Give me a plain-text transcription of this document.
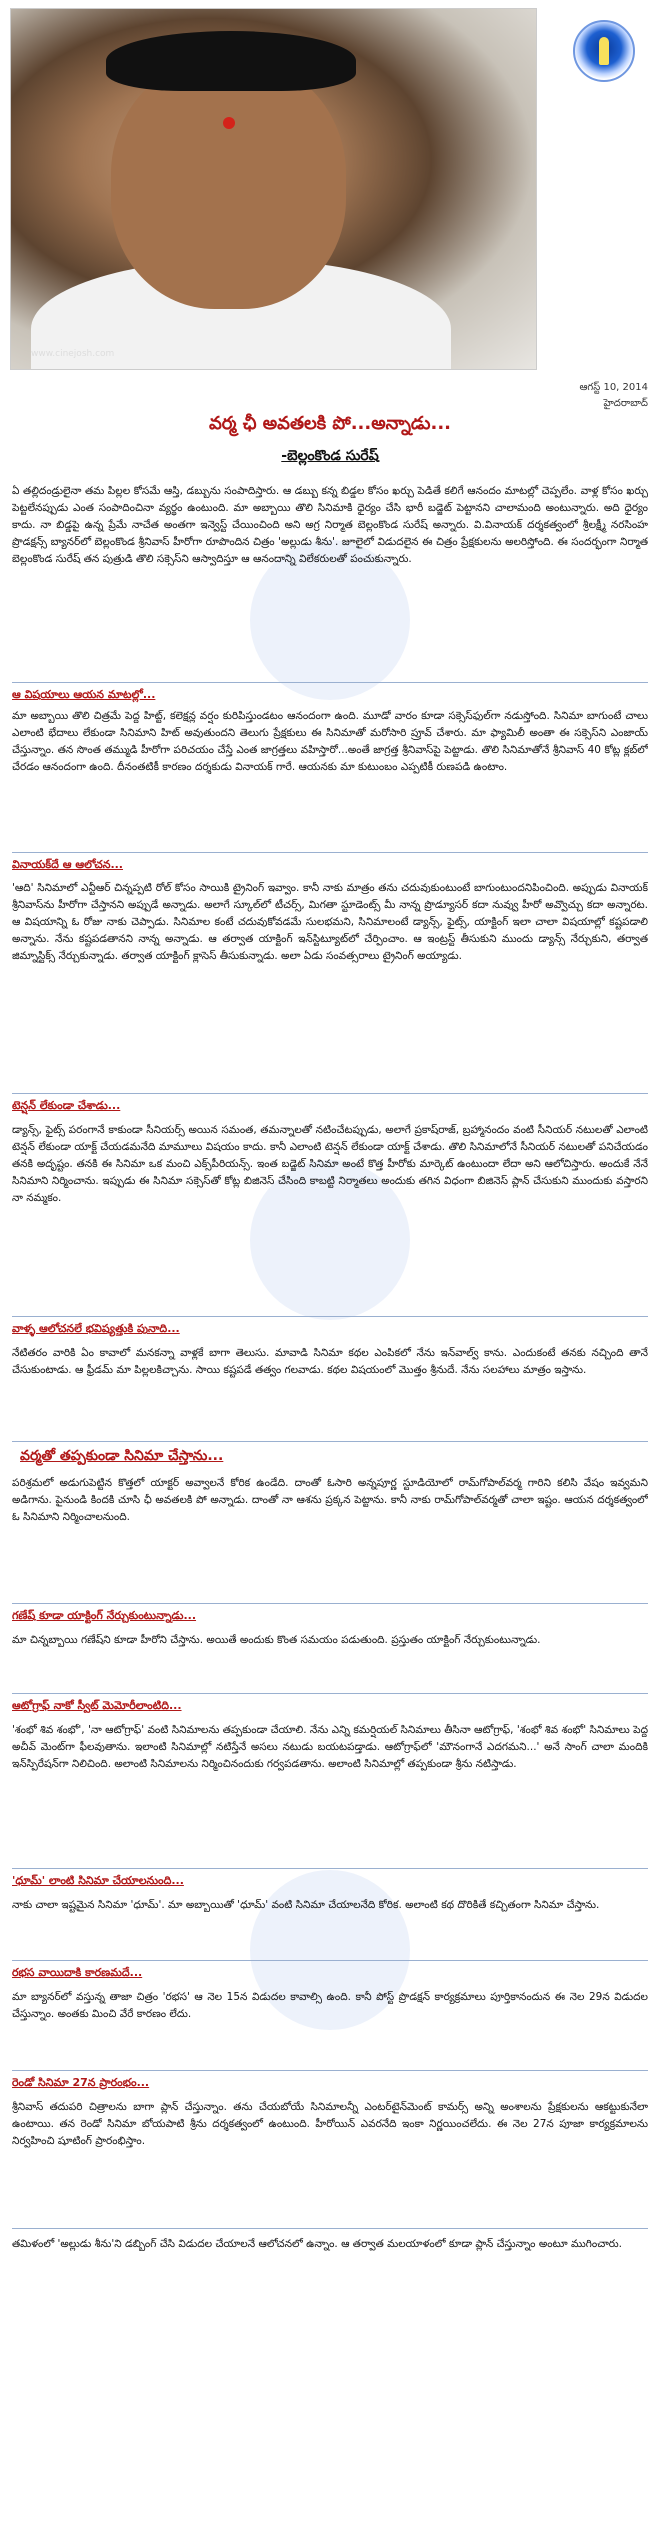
www.cinejosh.com
ఆగస్ట్ 10, 2014
హైదరాబాద్
వర్మ ఛీ అవతలకి పో...అన్నాడు...
-బెల్లంకొండ సురేష్
ఏ తల్లిదండ్రులైనా తమ పిల్లల కోసమే ఆస్తి, డబ్బును సంపాదిస్తారు. ఆ డబ్బు కన్న బిడ్డల కోసం ఖర్చు పెడితే కలిగే ఆనందం మాటల్లో చెప్పలేం. వాళ్ల కోసం ఖర్చు పెట్టలేనప్పుడు ఎంత సంపాదించినా వ్యర్థం ఉంటుంది. మా అబ్బాయి తొలి సినిమాకి ధైర్యం చేసి భారీ బడ్జెట్ పెట్టానని చాలామంది అంటున్నారు. అది ధైర్యం కాదు. నా బిడ్డపై ఉన్న ప్రేమే నాచేత అంతగా ఇన్వెస్ట్ చేయించింది అని అగ్ర నిర్మాత బెల్లంకొండ సురేష్ అన్నారు. వి.వినాయక్ దర్శకత్వంలో శ్రీలక్ష్మీ నరసింహ ప్రొడక్షన్స్ బ్యానర్‌లో బెల్లంకొండ శ్రీనివాస్ హీరోగా రూపొందిన చిత్రం 'అల్లుడు శీను'. జూలైలో విడుదలైన ఈ చిత్రం ప్రేక్షకులను అలరిస్తోంది. ఈ సందర్భంగా నిర్మాత బెల్లంకొండ సురేష్ తన పుత్రుడి తొలి సక్సెస్‌ని ఆస్వాదిస్తూ ఆ ఆనందాన్ని విలేకరులతో పంచుకున్నారు.
ఆ విషయాలు ఆయన మాటల్లో...
మా అబ్బాయి తొలి చిత్రమే పెద్ద హిట్ట్, కలెక్షన్ల వర్షం కురిపిస్తుండటం ఆనందంగా ఉంది. మూడో వారం కూడా సక్సెస్‌ఫుల్‌గా నడుస్తోంది. సినిమా బాగుంటే చాలు ఎలాంటి భేదాలు లేకుండా సినిమాని హిట్ అవుతుందని తెలుగు ప్రేక్షకులు ఈ సినిమాతో మరోసారి ప్రూవ్ చేశారు. మా ఫ్యామిలీ అంతా ఈ సక్సెస్‌ని ఎంజాయ్ చేస్తున్నాం. తన సొంత తమ్ముడి హీరోగా పరిచయం చేస్తే ఎంత జాగ్రత్తలు వహిస్తారో...అంతే జాగ్రత్త శ్రీనివాస్‌పై పెట్టాడు. తొలి సినిమాతోనే శ్రీనివాస్ 40 కోట్ల క్లబ్‌లో చేరడం ఆనందంగా ఉంది. దీనంతటికీ కారణం దర్శకుడు వినాయక్ గారే. ఆయనకు మా కుటుంబం ఎప్పటికీ రుణపడి ఉంటాం.
వినాయక్‌దే ఆ ఆలోచన...
'ఆది' సినిమాలో ఎన్టీఆర్ చిన్నప్పటి రోల్ కోసం సాయికి ట్రైనింగ్ ఇవ్వాం. కానీ నాకు మాత్రం తను చదువుకుంటుంటే బాగుంటుందనిపించింది. అప్పుడు వినాయక్ శ్రీనివాస్‌ను హీరోగా చేస్తానని అప్పుడే అన్నాడు. అలాగే స్కూల్‌లో టీచర్స్, మిగతా స్టూడెంట్స్ మీ నాన్న ప్రొడ్యూసర్ కదా నువ్వు హీరో అవ్వొచ్చు కదా అన్నారట. ఆ విషయాన్ని ఓ రోజు నాకు చెప్పాడు. సినిమాల కంటే చదువుకోవడమే సులభమని, సినిమాలంటే డ్యాన్స్, ఫైట్స్, యాక్టింగ్ ఇలా చాలా విషయాల్లో కష్టపడాలి అన్నాను. నేను కష్టపడతానని నాన్న అన్నాడు. ఆ తర్వాత యాక్టింగ్ ఇన్‌స్టిట్యూట్‌లో చేర్పించాం. ఆ ఇంట్రస్ట్ తీసుకుని ముందు డ్యాన్స్ నేర్చుకుని, తర్వాత జిమ్నాస్టిక్స్ నేర్చుకున్నాడు. తర్వాత యాక్టింగ్ క్లాసెస్ తీసుకున్నాడు. అలా ఏడు సంవత్సరాలు ట్రైనింగ్ అయ్యాడు.
టెన్షన్ లేకుండా చేశాడు...
డ్యాన్స్, ఫైట్స్ పరంగానే కాకుండా సీనియర్స్ అయిన సమంత, తమన్నాలతో నటించేటప్పుడు, అలాగే ప్రకాష్‌రాజ్, బ్రహ్మానందం వంటి సీనియర్ నటులతో ఎలాంటి టెన్షన్ లేకుండా యాక్ట్ చేయడమనేది మామూలు విషయం కాదు. కానీ ఎలాంటి టెన్షన్ లేకుండా యాక్ట్ చేశాడు. తొలి సినిమాలోనే సీనియర్ నటులతో పనిచేయడం తనకి అదృష్టం. తనకి ఈ సినిమా ఒక మంచి ఎక్స్‌పీరియన్స్. ఇంత బడ్జెట్ సినిమా అంటే కొత్త హీరోకు మార్కెట్ ఉంటుందా లేదా అని ఆలోచిస్తారు. అందుకే నేనే సినిమాని నిర్మించాను. ఇప్పుడు ఈ సినిమా సక్సెస్‌తో కోట్ల బిజినెస్ చేసింది కాబట్టి నిర్మాతలు అందుకు తగిన విధంగా బిజినెస్ ప్లాన్ చేసుకుని ముందుకు వస్తారని నా నమ్మకం.
వాళ్ళ ఆలోచనలే భవిష్యత్తుకి పునాది...
నేటితరం వారికి ఏం కావాలో మనకన్నా వాళ్లకే బాగా తెలుసు. మావాడి సినిమా కథల ఎంపికలో నేను ఇన్‌వాల్వ్ కాను. ఎందుకంటే తనకు నచ్చింది తానే చేసుకుంటాడు. ఆ ఫ్రీడమ్ మా పిల్లలకిచ్చాను. సాయి కష్టపడే తత్వం గలవాడు. కథల విషయంలో మొత్తం శ్రీనుదే. నేను సలహాలు మాత్రం ఇస్తాను.
వర్మతో తప్పకుండా సినిమా చేస్తాను...
పరిశ్రమలో అడుగుపెట్టిన కొత్తలో యాక్టర్ అవ్వాలనే కోరిక ఉండేది. దాంతో ఓసారి అన్నపూర్ణ స్టూడియోలో రామ్‌గోపాల్‌వర్మ గారిని కలిసి వేషం ఇవ్వమని అడిగాను. పైనుండి కిందకి చూసి ఛీ అవతలకి పో అన్నాడు. దాంతో నా ఆశను ప్రక్కన పెట్టాను. కానీ నాకు రామ్‌గోపాల్‌వర్మతో చాలా ఇష్టం. ఆయన దర్శకత్వంలో ఓ సినిమాని నిర్మించాలనుంది.
గణేష్ కూడా యాక్టింగ్ నేర్చుకుంటున్నాడు...
మా చిన్నబ్బాయి గణేష్‌ని కూడా హీరోని చేస్తాను. అయితే అందుకు కొంత సమయం పడుతుంది. ప్రస్తుతం యాక్టింగ్ నేర్చుకుంటున్నాడు.
ఆటోగ్రాఫ్ నాకో స్వీట్ మెమోరీలాంటిది...
'శంభో శివ శంభో', 'నా ఆటోగ్రాఫ్' వంటి సినిమాలను తప్పకుండా చేయాలి. నేను ఎన్ని కమర్షియల్ సినిమాలు తీసినా ఆటోగ్రాఫ్, 'శంభో శివ శంభో' సినిమాలు పెద్ద అచీవ్ మెంట్‌గా ఫీలవుతాను. ఇలాంటి సినిమాల్లో నటిస్తేనే అసలు నటుడు బయటపడ్తాడు. ఆటోగ్రాఫ్‌లో 'మౌనంగానే ఎదగమని...' అనే సాంగ్ చాలా మందికి ఇన్‌స్పిరేషన్‌గా నిలిచింది. అలాంటి సినిమాలను నిర్మించినందుకు గర్వపడతాను. అలాంటి సినిమాల్లో తప్పకుండా శ్రీను నటిస్తాడు.
'ధూమ్' లాంటి సినిమా చేయాలనుంది...
నాకు చాలా ఇష్టమైన సినిమా 'ధూమ్'. మా అబ్బాయితో 'ధూమ్' వంటి సినిమా చేయాలనేది కోరిక. అలాంటి కథ దొరికితే కచ్చితంగా సినిమా చేస్తాను.
రభస వాయిదాకి కారణమదే...
మా బ్యానర్‌లో వస్తున్న తాజా చిత్రం 'రభస' ఆ నెల 15న విడుదల కావాల్సి ఉంది. కానీ పోస్ట్ ప్రొడక్షన్ కార్యక్రమాలు పూర్తికానందున ఈ నెల 29న విడుదల చేస్తున్నాం. అంతకు మించి వేరే కారణం లేదు.
రెండో సినిమా 27న ప్రారంభం...
శ్రీనివాస్ తదుపరి చిత్రాలను బాగా ప్లాన్ చేస్తున్నాం. తను చేయబోయే సినిమాలన్నీ ఎంటర్‌టైన్‌మెంట్ కామర్స్ అన్ని అంశాలను ప్రేక్షకులను ఆకట్టుకునేలా ఉంటాయి. తన రెండో సినిమా బోయపాటి శ్రీను దర్శకత్వంలో ఉంటుంది. హీరోయిన్ ఎవరనేది ఇంకా నిర్ణయించలేదు. ఈ నెల 27న పూజా కార్యక్రమాలను నిర్వహించి షూటింగ్ ప్రారంభిస్తాం.
తమిళంలో 'అల్లుడు శీను'ని డబ్బింగ్ చేసి విడుదల చేయాలనే ఆలోచనలో ఉన్నాం. ఆ తర్వాత మలయాళంలో కూడా ప్లాన్ చేస్తున్నాం అంటూ ముగించారు.
